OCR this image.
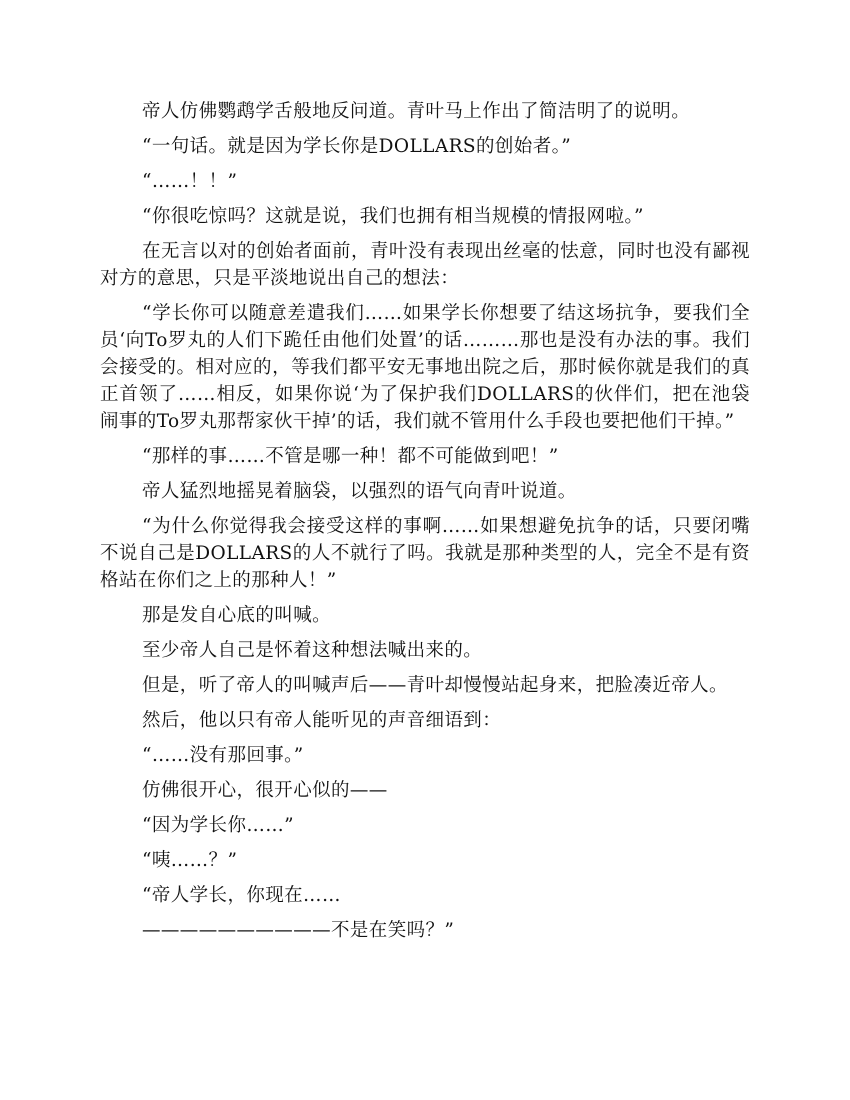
帝人仿佛鹦鹉学舌般地反问道。青叶马上作出了简洁明了的说明。

“一句话。就是因为学长你是DOLLARS的创始者。”

“……！！”

“你很吃惊吗？这就是说，我们也拥有相当规模的情报网啦。”

在无言以对的创始者面前，青叶没有表现出丝毫的怯意，同时也没有鄙视对方的意思，只是平淡地说出自己的想法：

“学长你可以随意差遣我们……如果学长你想要了结这场抗争，要我们全员‘向To罗丸的人们下跪任由他们处置’的话………那也是没有办法的事。我们会接受的。相对应的，等我们都平安无事地出院之后，那时候你就是我们的真正首领了……相反，如果你说‘为了保护我们DOLLARS的伙伴们，把在池袋闹事的To罗丸那帮家伙干掉’的话，我们就不管用什么手段也要把他们干掉。”

“那样的事……不管是哪一种！都不可能做到吧！”

帝人猛烈地摇晃着脑袋，以强烈的语气向青叶说道。

“为什么你觉得我会接受这样的事啊……如果想避免抗争的话，只要闭嘴不说自己是DOLLARS的人不就行了吗。我就是那种类型的人，完全不是有资格站在你们之上的那种人！”

那是发自心底的叫喊。

至少帝人自己是怀着这种想法喊出来的。

但是，听了帝人的叫喊声后——青叶却慢慢站起身来，把脸凑近帝人。

然后，他以只有帝人能听见的声音细语到：

“……没有那回事。”

仿佛很开心，很开心似的——

“因为学长你……”

“咦……？”

“帝人学长，你现在……

——————————不是在笑吗？”
